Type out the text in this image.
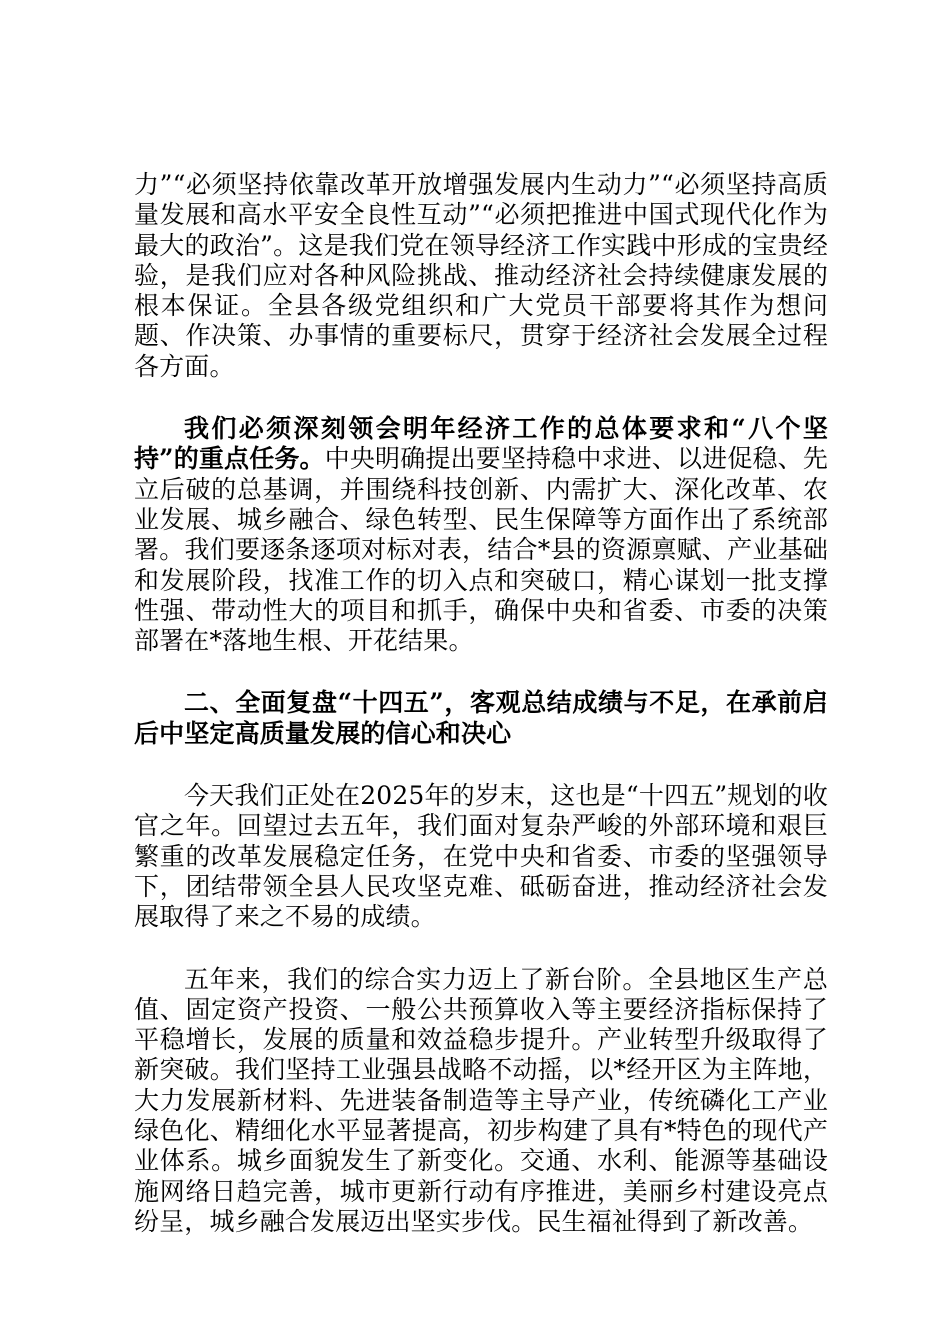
力”“必须坚持依靠改革开放增强发展内生动力”“必须坚持高质量发展和高水平安全良性互动”“必须把推进中国式现代化作为最大的政治”。这是我们党在领导经济工作实践中形成的宝贵经验，是我们应对各种风险挑战、推动经济社会持续健康发展的根本保证。全县各级党组织和广大党员干部要将其作为想问题、作决策、办事情的重要标尺，贯穿于经济社会发展全过程各方面。

我们必须深刻领会明年经济工作的总体要求和“八个坚持”的重点任务。中央明确提出要坚持稳中求进、以进促稳、先立后破的总基调，并围绕科技创新、内需扩大、深化改革、农业发展、城乡融合、绿色转型、民生保障等方面作出了系统部署。我们要逐条逐项对标对表，结合*县的资源禀赋、产业基础和发展阶段，找准工作的切入点和突破口，精心谋划一批支撑性强、带动性大的项目和抓手，确保中央和省委、市委的决策部署在*落地生根、开花结果。

二、全面复盘“十四五”，客观总结成绩与不足，在承前启后中坚定高质量发展的信心和决心

今天我们正处在2025年的岁末，这也是“十四五”规划的收官之年。回望过去五年，我们面对复杂严峻的外部环境和艰巨繁重的改革发展稳定任务，在党中央和省委、市委的坚强领导下，团结带领全县人民攻坚克难、砥砺奋进，推动经济社会发展取得了来之不易的成绩。

五年来，我们的综合实力迈上了新台阶。全县地区生产总值、固定资产投资、一般公共预算收入等主要经济指标保持了平稳增长，发展的质量和效益稳步提升。产业转型升级取得了新突破。我们坚持工业强县战略不动摇，以*经开区为主阵地，大力发展新材料、先进装备制造等主导产业，传统磷化工产业绿色化、精细化水平显著提高，初步构建了具有*特色的现代产业体系。城乡面貌发生了新变化。交通、水利、能源等基础设施网络日趋完善，城市更新行动有序推进，美丽乡村建设亮点纷呈，城乡融合发展迈出坚实步伐。民生福祉得到了新改善。
